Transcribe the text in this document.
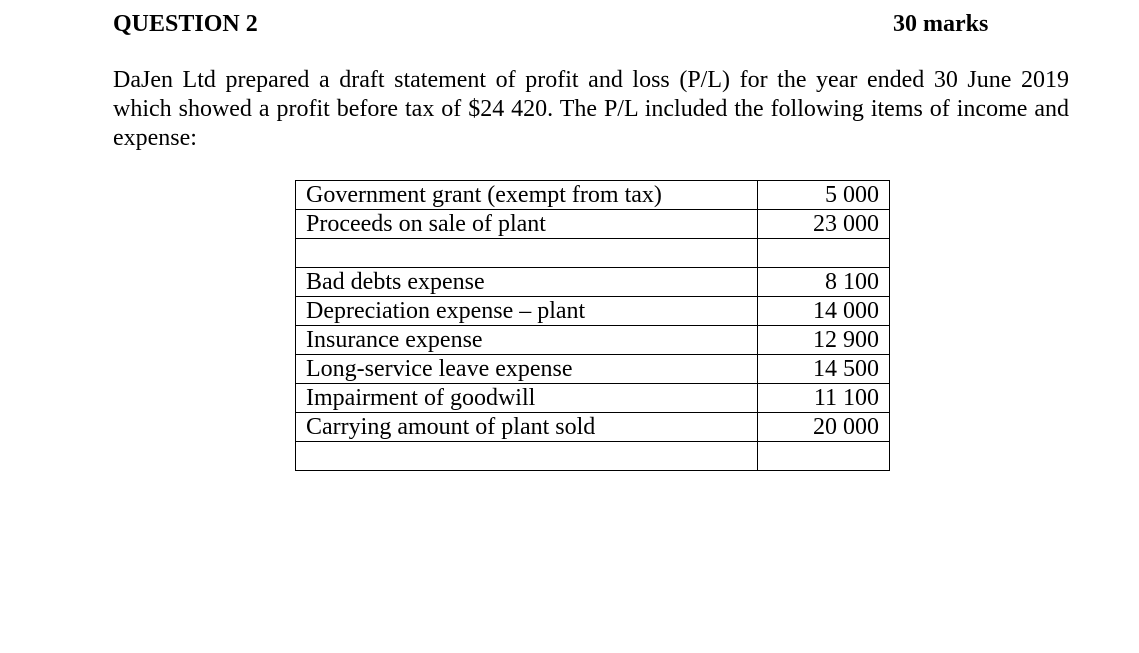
QUESTION 2	30 marks

DaJen Ltd prepared a draft statement of profit and loss (P/L) for the year ended 30 June 2019 which showed a profit before tax of $24 420. The P/L included the following items of income and expense:

Government grant (exempt from tax)	5 000
Proceeds on sale of plant	23 000

Bad debts expense	8 100
Depreciation expense – plant	14 000
Insurance expense	12 900
Long-service leave expense	14 500
Impairment of goodwill	11 100
Carrying amount of plant sold	20 000
